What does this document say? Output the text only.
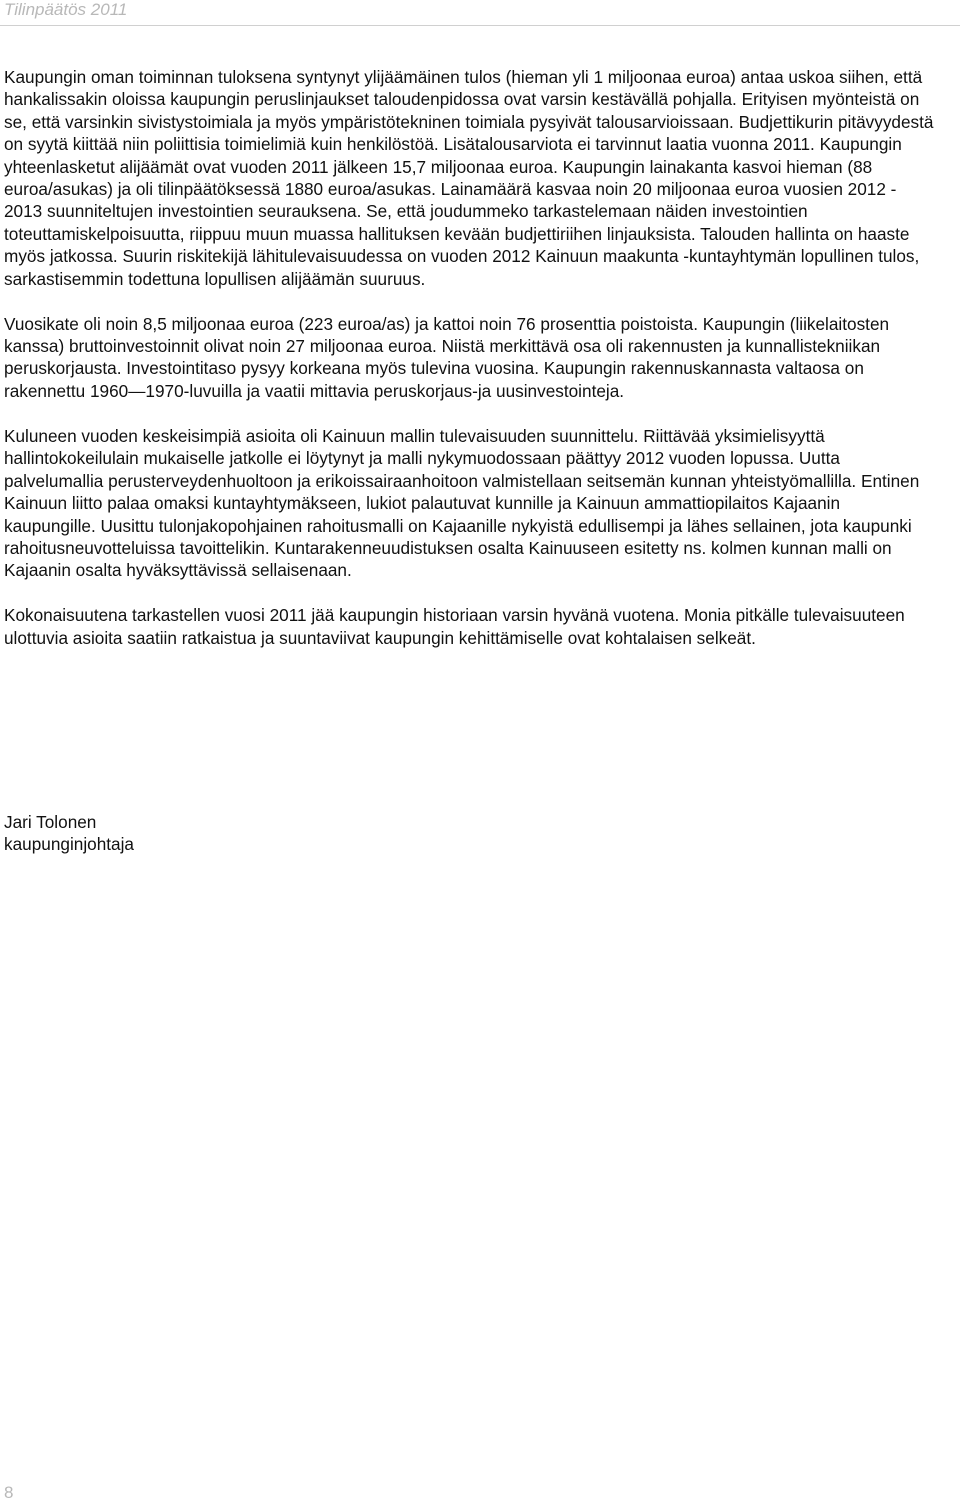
Tilinpäätös 2011

Kaupungin oman toiminnan tuloksena syntynyt ylijäämäinen tulos (hieman yli 1 miljoonaa euroa) antaa uskoa siihen, että hankalissakin oloissa kaupungin peruslinjaukset taloudenpidossa ovat varsin kestävällä pohjalla. Erityisen myönteistä on se, että varsinkin sivistystoimiala ja myös ympäristötekninen toimiala pysyivät talousarvioissaan. Budjettikurin pitävyydestä on syytä kiittää niin poliittisia toimielimiä kuin henkilöstöä. Lisätalousarviota ei tarvinnut laatia vuonna 2011. Kaupungin yhteenlasketut alijäämät ovat vuoden 2011 jälkeen 15,7 miljoonaa euroa. Kaupungin lainakanta kasvoi hieman (88 euroa/asukas) ja oli tilinpäätöksessä 1880 euroa/asukas. Lainamäärä kasvaa noin 20 miljoonaa euroa vuosien 2012 - 2013 suunniteltujen investointien seurauksena. Se, että joudummeko tarkastelemaan näiden investointien toteuttamiskelpoisuutta, riippuu muun muassa hallituksen kevään budjettiriihen linjauksista. Talouden hallinta on haaste myös jatkossa. Suurin riskitekijä lähitulevaisuudessa on vuoden 2012 Kainuun maakunta -kuntayhtymän lopullinen tulos, sarkastisemmin todettuna lopullisen alijäämän suuruus.

Vuosikate oli noin 8,5 miljoonaa euroa (223 euroa/as) ja kattoi noin 76 prosenttia poistoista. Kaupungin (liikelaitosten kanssa) bruttoinvestoinnit olivat noin 27 miljoonaa euroa. Niistä merkittävä osa oli rakennusten ja kunnallistekniikan peruskorjausta. Investointitaso pysyy korkeana myös tulevina vuosina. Kaupungin rakennuskannasta valtaosa on rakennettu 1960—1970-luvuilla ja vaatii mittavia peruskorjaus-ja uusinvestointeja.

Kuluneen vuoden keskeisimpiä asioita oli Kainuun mallin tulevaisuuden suunnittelu. Riittävää yksimielisyyttä hallintokokeilulain mukaiselle jatkolle ei löytynyt ja malli nykymuodossaan päättyy 2012 vuoden lopussa. Uutta palvelumallia perusterveydenhuoltoon ja erikoissairaanhoitoon valmistellaan seitsemän kunnan yhteistyömallilla. Entinen Kainuun liitto palaa omaksi kuntayhtymäkseen, lukiot palautuvat kunnille ja Kainuun ammattiopilaitos Kajaanin kaupungille. Uusittu tulonjakopohjainen rahoitusmalli on Kajaanille nykyistä edullisempi ja lähes sellainen, jota kaupunki rahoitusneuvotteluissa tavoittelikin. Kuntarakenneuudistuksen osalta Kainuuseen esitetty ns. kolmen kunnan malli on Kajaanin osalta hyväksyttävissä sellaisenaan.

Kokonaisuutena tarkastellen vuosi 2011 jää kaupungin historiaan varsin hyvänä vuotena. Monia pitkälle tulevaisuuteen ulottuvia asioita saatiin ratkaistua ja suuntaviivat kaupungin kehittämiselle ovat kohtalaisen selkeät.

Jari Tolonen
kaupunginjohtaja
8
